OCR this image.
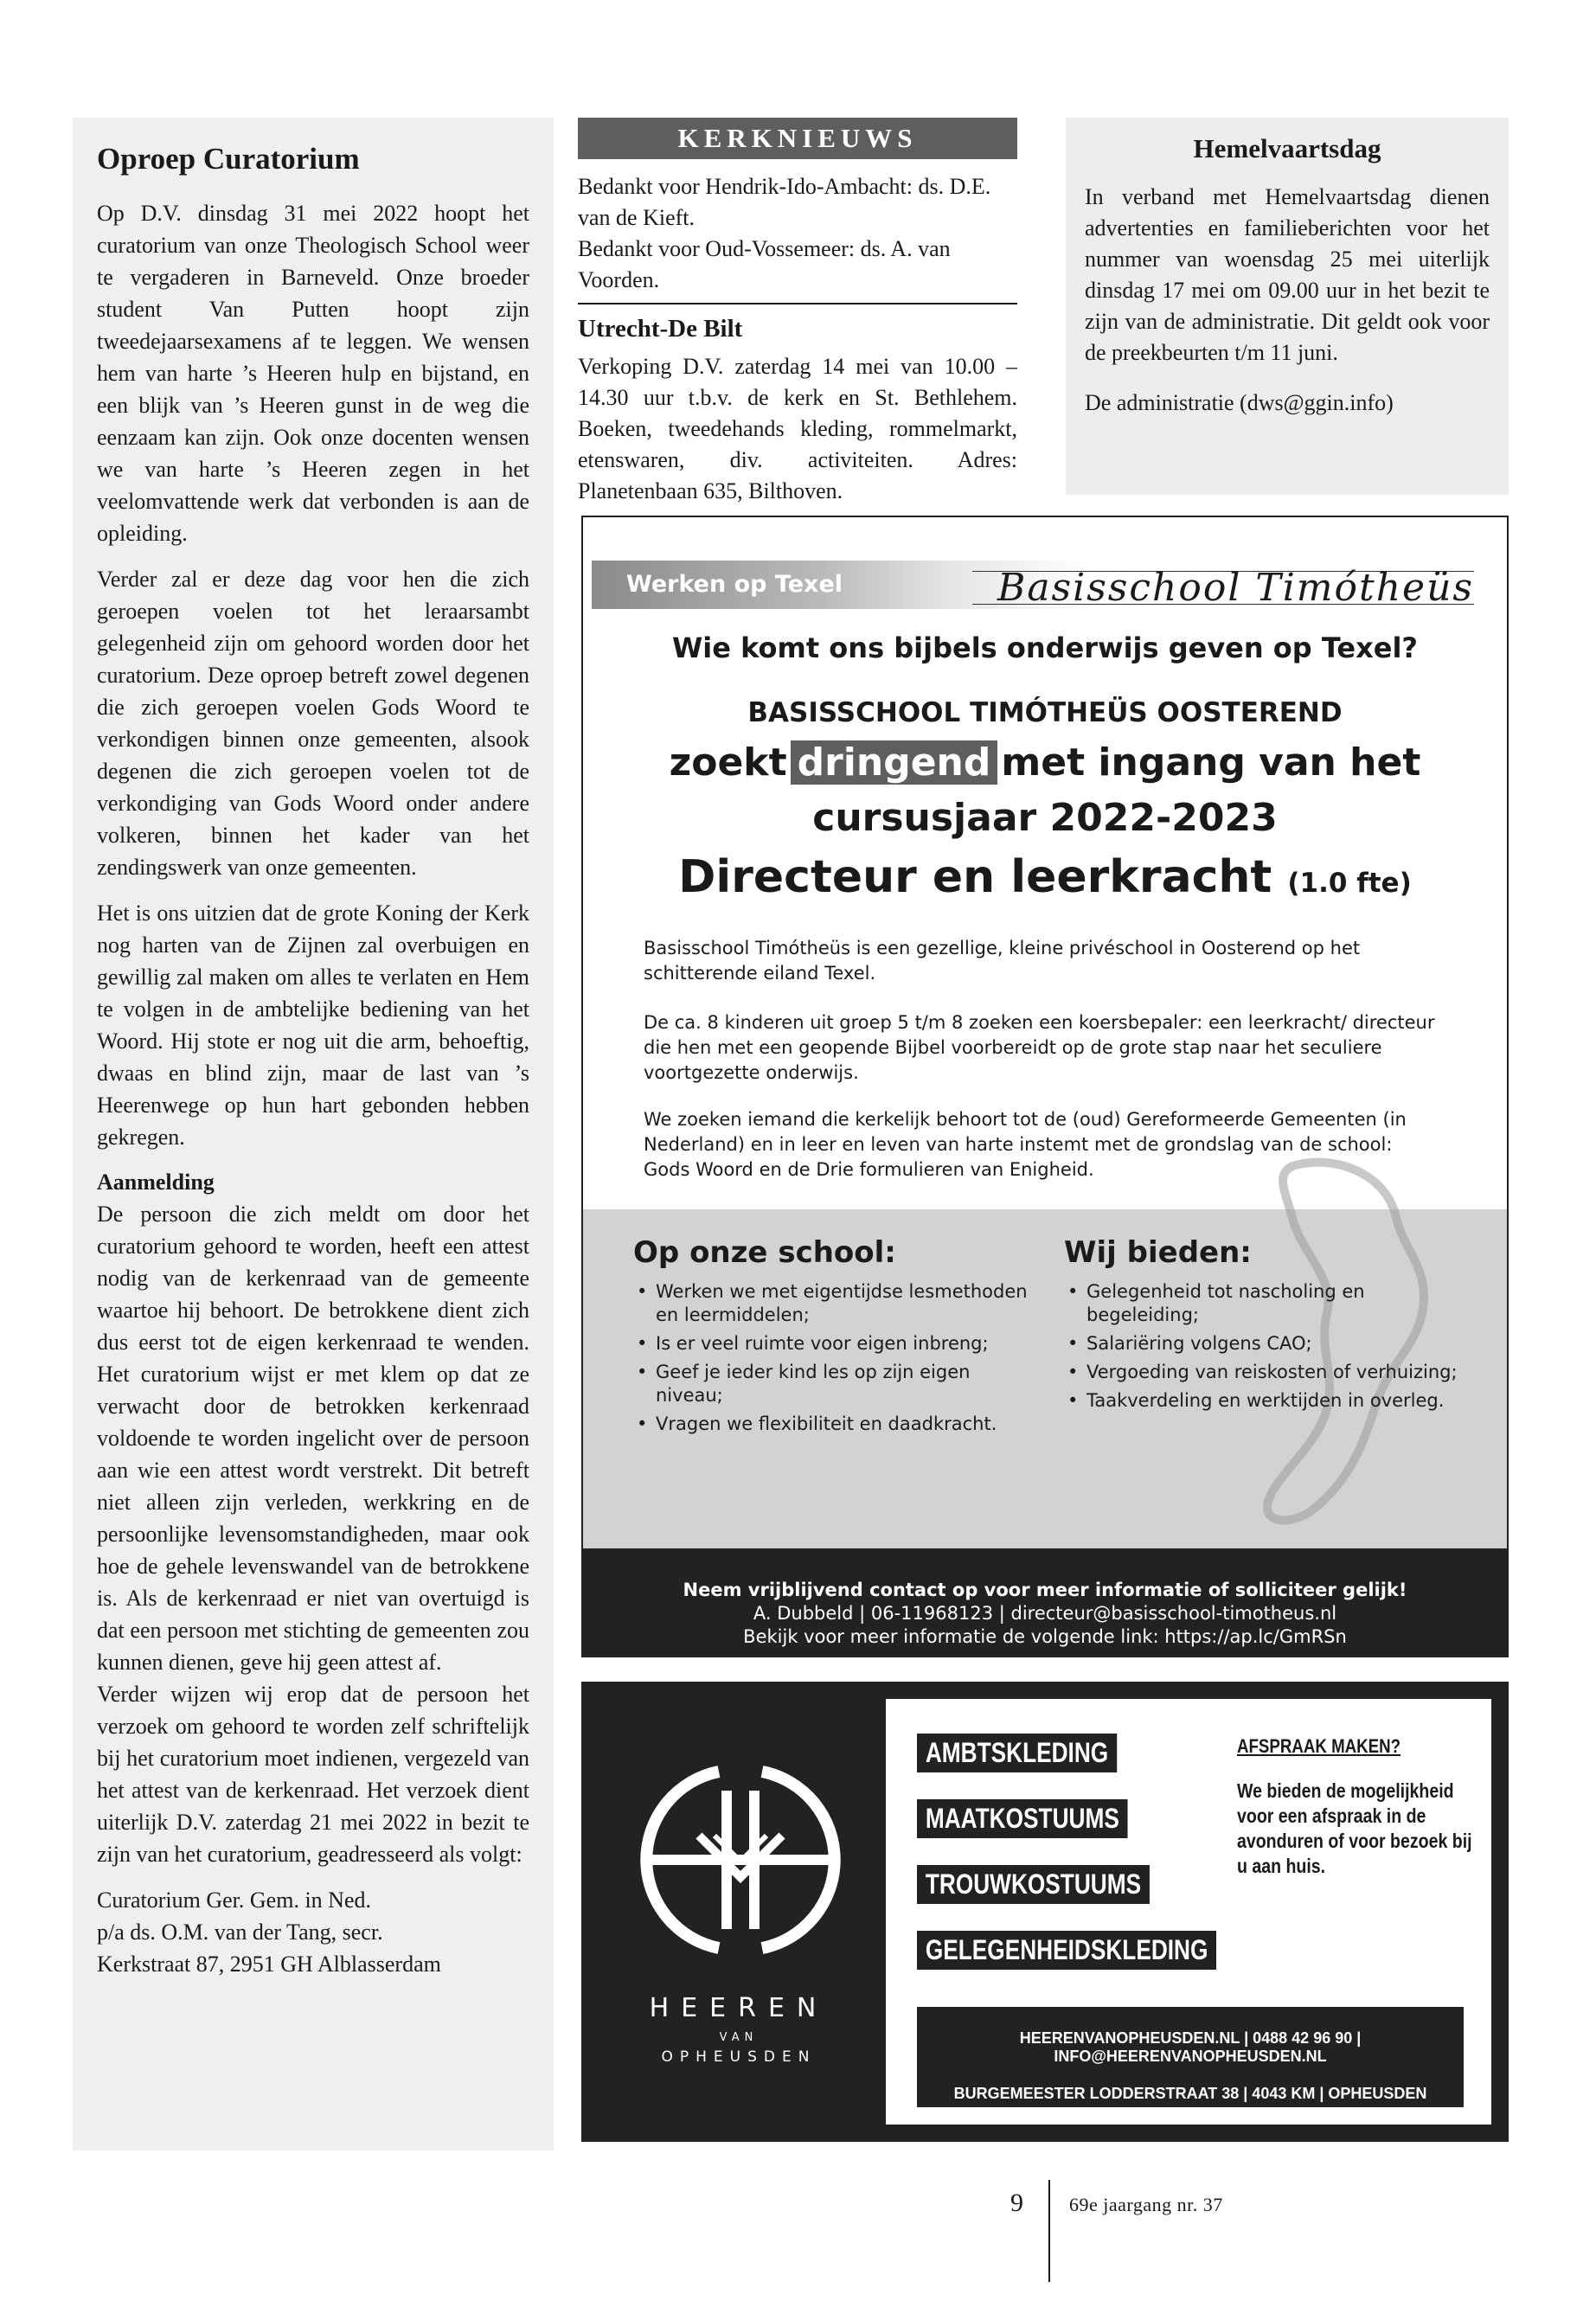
Oproep Curatorium

Op D.V. dinsdag 31 mei 2022 hoopt het curatorium van onze Theologisch School weer te vergaderen in Barneveld. Onze broeder student Van Putten hoopt zijn tweedejaarsexamens af te leggen. We wensen hem van harte ’s Heeren hulp en bijstand, en een blijk van ’s Heeren gunst in de weg die eenzaam kan zijn. Ook onze docenten wensen we van harte ’s Heeren zegen in het veelomvattende werk dat verbonden is aan de opleiding.

Verder zal er deze dag voor hen die zich geroepen voelen tot het leraarsambt gelegenheid zijn om gehoord worden door het curatorium. Deze oproep betreft zowel degenen die zich geroepen voelen Gods Woord te verkondigen binnen onze gemeenten, alsook degenen die zich geroepen voelen tot de verkondiging van Gods Woord onder andere volkeren, binnen het kader van het zendingswerk van onze gemeenten.

Het is ons uitzien dat de grote Koning der Kerk nog harten van de Zijnen zal overbuigen en gewillig zal maken om alles te verlaten en Hem te volgen in de ambtelijke bediening van het Woord. Hij stote er nog uit die arm, behoeftig, dwaas en blind zijn, maar de last van ’s Heerenwege op hun hart gebonden hebben gekregen.

Aanmelding

De persoon die zich meldt om door het curatorium gehoord te worden, heeft een attest nodig van de kerkenraad van de gemeente waartoe hij behoort. De betrokkene dient zich dus eerst tot de eigen kerkenraad te wenden. Het curatorium wijst er met klem op dat ze verwacht door de betrokken kerkenraad voldoende te worden ingelicht over de persoon aan wie een attest wordt verstrekt. Dit betreft niet alleen zijn verleden, werkkring en de persoonlijke levensomstandigheden, maar ook hoe de gehele levenswandel van de betrokkene is. Als de kerkenraad er niet van overtuigd is dat een persoon met stichting de gemeenten zou kunnen dienen, geve hij geen attest af.

Verder wijzen wij erop dat de persoon het verzoek om gehoord te worden zelf schriftelijk bij het curatorium moet indienen, vergezeld van het attest van de kerkenraad. Het verzoek dient uiterlijk D.V. zaterdag 21 mei 2022 in bezit te zijn van het curatorium, geadresseerd als volgt:

Curatorium Ger. Gem. in Ned.
p/a ds. O.M. van der Tang, secr.
Kerkstraat 87, 2951 GH Alblasserdam

KERKNIEUWS
Bedankt voor Hendrik-Ido-Ambacht: ds. D.E. van de Kieft.
Bedankt voor Oud-Vossemeer: ds. A. van Voorden.
Utrecht-De Bilt
Verkoping D.V. zaterdag 14 mei van 10.00 – 14.30 uur t.b.v. de kerk en St. Bethlehem. Boeken, tweedehands kleding, rommelmarkt, etenswaren, div. activiteiten. Adres: Planetenbaan 635, Bilthoven.
Hemelvaartsdag

In verband met Hemelvaartsdag dienen advertenties en familieberichten voor het nummer van woensdag 25 mei uiterlijk dinsdag 17 mei om 09.00 uur in het bezit te zijn van de administratie. Dit geldt ook voor de preekbeurten t/m 11 juni.

De administratie (dws@ggin.info)

Werken op Texel	Basisschool Timótheüs
Wie komt ons bijbels onderwijs geven op Texel?
BASISSCHOOL TIMÓTHEÜS OOSTEREND
zoekt dringend met ingang van het
cursusjaar 2022-2023
Directeur en leerkracht (1.0 fte)
Basisschool Timótheüs is een gezellige, kleine privéschool in Oosterend op het schitterende eiland Texel.
De ca. 8 kinderen uit groep 5 t/m 8 zoeken een koersbepaler: een leerkracht/ directeur die hen met een geopende Bijbel voorbereidt op de grote stap naar het seculiere voortgezette onderwijs.
We zoeken iemand die kerkelijk behoort tot de (oud) Gereformeerde Gemeenten (in Nederland) en in leer en leven van harte instemt met de grondslag van de school: Gods Woord en de Drie formulieren van Enigheid.
Op onze school:
• Werken we met eigentijdse lesmethoden en leermiddelen;
• Is er veel ruimte voor eigen inbreng;
• Geef je ieder kind les op zijn eigen niveau;
• Vragen we flexibiliteit en daadkracht.
Wij bieden:
• Gelegenheid tot nascholing en begeleiding;
• Salariëring volgens CAO;
• Vergoeding van reiskosten of verhuizing;
• Taakverdeling en werktijden in overleg.
Neem vrijblijvend contact op voor meer informatie of solliciteer gelijk!
A. Dubbeld | 06-11968123 | directeur@basisschool-timotheus.nl
Bekijk voor meer informatie de volgende link: https://ap.lc/GmRSn
HEEREN
VAN
OPHEUSDEN
AMBTSKLEDING
MAATKOSTUUMS
TROUWKOSTUUMS
GELEGENHEIDSKLEDING
AFSPRAAK MAKEN?
We bieden de mogelijkheid voor een afspraak in de avonduren of voor bezoek bij u aan huis.
HEERENVANOPHEUSDEN.NL | 0488 42 96 90 | INFO@HEERENVANOPHEUSDEN.NL
BURGEMEESTER LODDERSTRAAT 38 | 4043 KM | OPHEUSDEN
9 69e jaargang nr. 37
